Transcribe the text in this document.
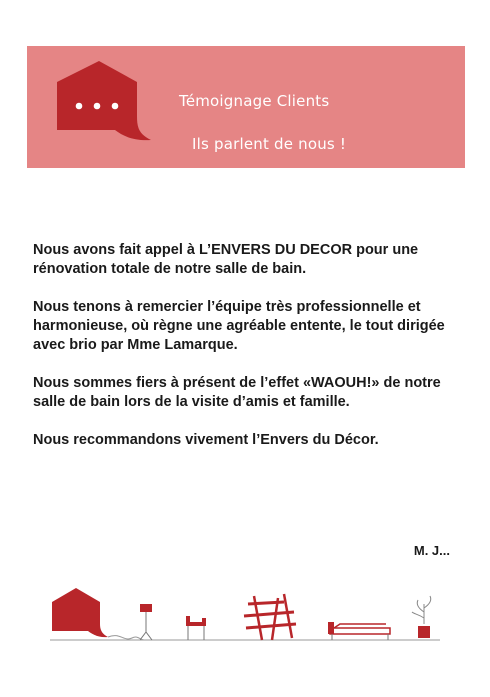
Témoignage Clients
Ils parlent de nous !

Nous avons fait appel à L’ENVERS DU DECOR pour une rénovation totale de notre salle de bain.

Nous tenons à remercier l’équipe très professionnelle et harmonieuse, où règne une agréable entente, le tout dirigée avec brio par Mme Lamarque.

Nous sommes fiers à présent de l’effet «WAOUH!» de notre salle de bain lors de la visite d’amis et famille.

Nous recommandons vivement l’Envers du Décor.

M. J...
